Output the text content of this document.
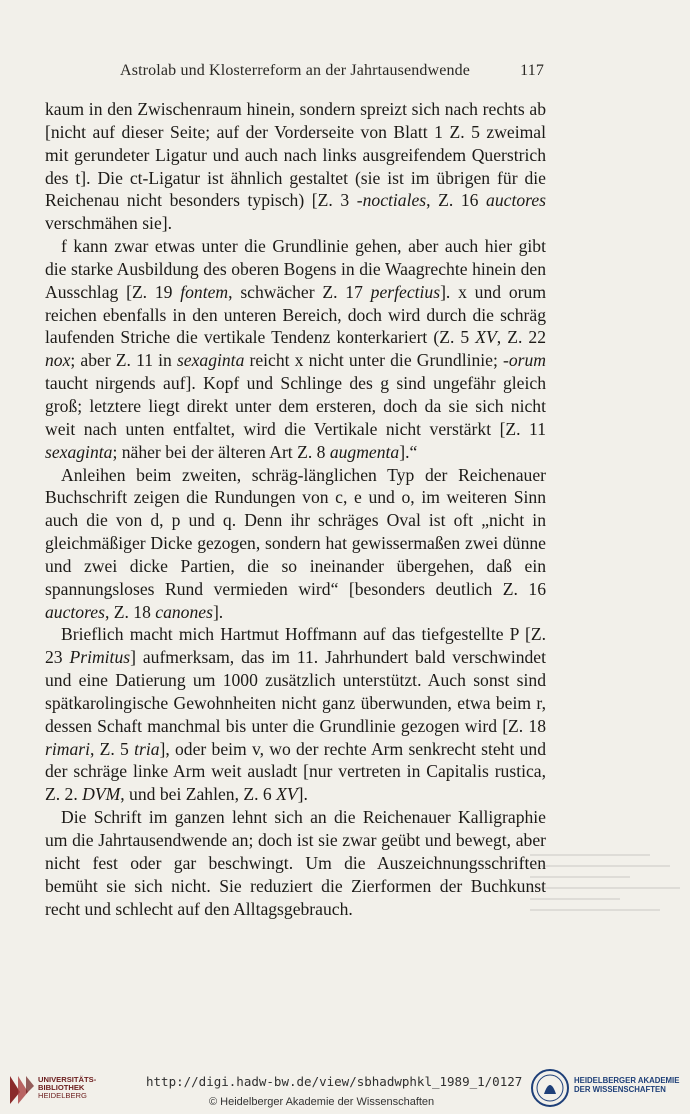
Astrolab und Klosterreform an der Jahrtausendwende	117

kaum in den Zwischenraum hinein, sondern spreizt sich nach rechts ab [nicht auf dieser Seite; auf der Vorderseite von Blatt 1 Z. 5 zweimal mit gerundeter Ligatur und auch nach links ausgreifendem Querstrich des t]. Die ct-Ligatur ist ähnlich gestaltet (sie ist im übrigen für die Reichenau nicht besonders typisch) [Z. 3 -noctiales, Z. 16 auctores verschmähen sie].

f kann zwar etwas unter die Grundlinie gehen, aber auch hier gibt die starke Ausbildung des oberen Bogens in die Waagrechte hinein den Ausschlag [Z. 19 fontem, schwächer Z. 17 perfectius]. x und orum reichen ebenfalls in den unteren Bereich, doch wird durch die schräg laufenden Striche die vertikale Tendenz konterkariert (Z. 5 XV, Z. 22 nox; aber Z. 11 in sexaginta reicht x nicht unter die Grundlinie; -orum taucht nirgends auf]. Kopf und Schlinge des g sind ungefähr gleich groß; letztere liegt direkt unter dem ersteren, doch da sie sich nicht weit nach unten entfaltet, wird die Vertikale nicht verstärkt [Z. 11 sexaginta; näher bei der älteren Art Z. 8 augmenta].“

Anleihen beim zweiten, schräg-länglichen Typ der Reichenauer Buchschrift zeigen die Rundungen von c, e und o, im weiteren Sinn auch die von d, p und q. Denn ihr schräges Oval ist oft „nicht in gleichmäßiger Dicke gezogen, sondern hat gewissermaßen zwei dünne und zwei dicke Partien, die so ineinander übergehen, daß ein spannungsloses Rund vermieden wird“ [besonders deutlich Z. 16 auctores, Z. 18 canones].

Brieflich macht mich Hartmut Hoffmann auf das tiefgestellte P [Z. 23 Primitus] aufmerksam, das im 11. Jahrhundert bald verschwindet und eine Datierung um 1000 zusätzlich unterstützt. Auch sonst sind spätkarolingische Gewohnheiten nicht ganz überwunden, etwa beim r, dessen Schaft manchmal bis unter die Grundlinie gezogen wird [Z. 18 rimari, Z. 5 tria], oder beim v, wo der rechte Arm senkrecht steht und der schräge linke Arm weit ausladt [nur vertreten in Capitalis rustica, Z. 2. DVM, und bei Zahlen, Z. 6 XV].

Die Schrift im ganzen lehnt sich an die Reichenauer Kalligraphie um die Jahrtausendwende an; doch ist sie zwar geübt und bewegt, aber nicht fest oder gar beschwingt. Um die Auszeichnungsschriften bemüht sie sich nicht. Sie reduziert die Zierformen der Buchkunst recht und schlecht auf den Alltagsgebrauch.

UNIVERSITÄTS-
BIBLIOTHEK
HEIDELBERG
http://digi.hadw-bw.de/view/sbhadwphkl_1989_1/0127
© Heidelberger Akademie der Wissenschaften
HEIDELBERGER AKADEMIE
DER WISSENSCHAFTEN
